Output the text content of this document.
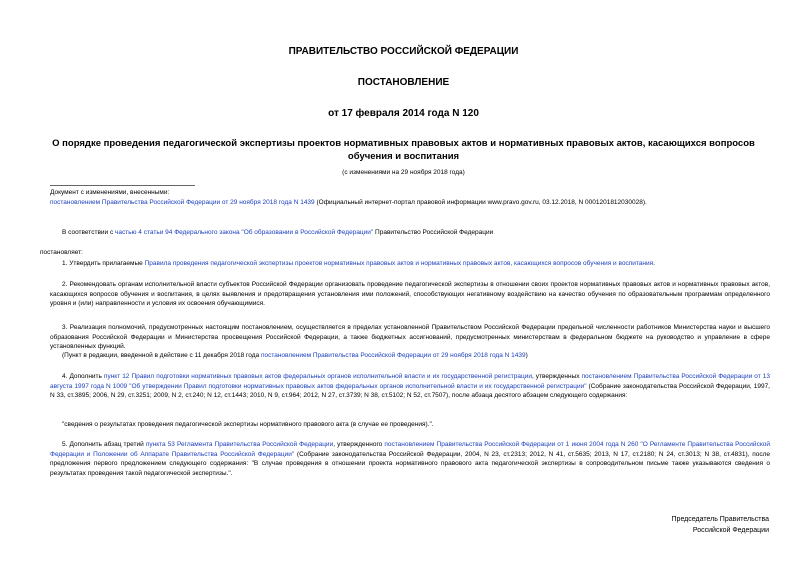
ПРАВИТЕЛЬСТВО РОССИЙСКОЙ ФЕДЕРАЦИИ
ПОСТАНОВЛЕНИЕ
от 17 февраля 2014 года N 120
О порядке проведения педагогической экспертизы проектов нормативных правовых актов и нормативных правовых актов, касающихся вопросов обучения и воспитания
(с изменениями на 29 ноября 2018 года)
Документ с изменениями, внесенными:
постановлением Правительства Российской Федерации от 29 ноября 2018 года N 1439 (Официальный интернет-портал правовой информации www.pravo.gov.ru, 03.12.2018, N 0001201812030028).
В соответствии с частью 4 статьи 94 Федерального закона "Об образовании в Российской Федерации" Правительство Российской Федерации
постановляет:
1. Утвердить прилагаемые Правила проведения педагогической экспертизы проектов нормативных правовых актов и нормативных правовых актов, касающихся вопросов обучения и воспитания.
2. Рекомендовать органам исполнительной власти субъектов Российской Федерации организовать проведение педагогической экспертизы в отношении своих проектов нормативных правовых актов и нормативных правовых актов, касающихся вопросов обучения и воспитания, в целях выявления и предотвращения установления ими положений, способствующих негативному воздействию на качество обучения по образовательным программам определенного уровня и (или) направленности и условия их освоения обучающимися.
3. Реализация полномочий, предусмотренных настоящим постановлением, осуществляется в пределах установленной Правительством Российской Федерации предельной численности работников Министерства науки и высшего образования Российской Федерации и Министерства просвещения Российской Федерации, а также бюджетных ассигнований, предусмотренных министерствам в федеральном бюджете на руководство и управление в сфере установленных функций.
(Пункт в редакции, введенной в действие с 11 декабря 2018 года постановлением Правительства Российской Федерации от 29 ноября 2018 года N 1439)
4. Дополнить пункт 12 Правил подготовки нормативных правовых актов федеральных органов исполнительной власти и их государственной регистрации, утвержденных постановлением Правительства Российской Федерации от 13 августа 1997 года N 1009 "Об утверждении Правил подготовки нормативных правовых актов федеральных органов исполнительной власти и их государственной регистрации" (Собрание законодательства Российской Федерации, 1997, N 33, ст.3895; 2006, N 29, ст.3251; 2009, N 2, ст.240; N 12, ст.1443; 2010, N 9, ст.964; 2012, N 27, ст.3739; N 38, ст.5102; N 52, ст.7507), после абзаца десятого абзацем следующего содержания:
"сведения о результатах проведения педагогической экспертизы нормативного правового акта (в случае ее проведения).".
5. Дополнить абзац третий пункта 53 Регламента Правительства Российской Федерации, утвержденного постановлением Правительства Российской Федерации от 1 июня 2004 года N 260 "О Регламенте Правительства Российской Федерации и Положении об Аппарате Правительства Российской Федерации" (Собрание законодательства Российской Федерации, 2004, N 23, ст.2313; 2012, N 41, ст.5635; 2013, N 17, ст.2180; N 24, ст.3013; N 38, ст.4831), после предложения первого предложением следующего содержания: "В случае проведения в отношении проекта нормативного правового акта педагогической экспертизы в сопроводительном письме также указываются сведения о результатах проведения такой педагогической экспертизы.".
Председатель Правительства
Российской Федерации
